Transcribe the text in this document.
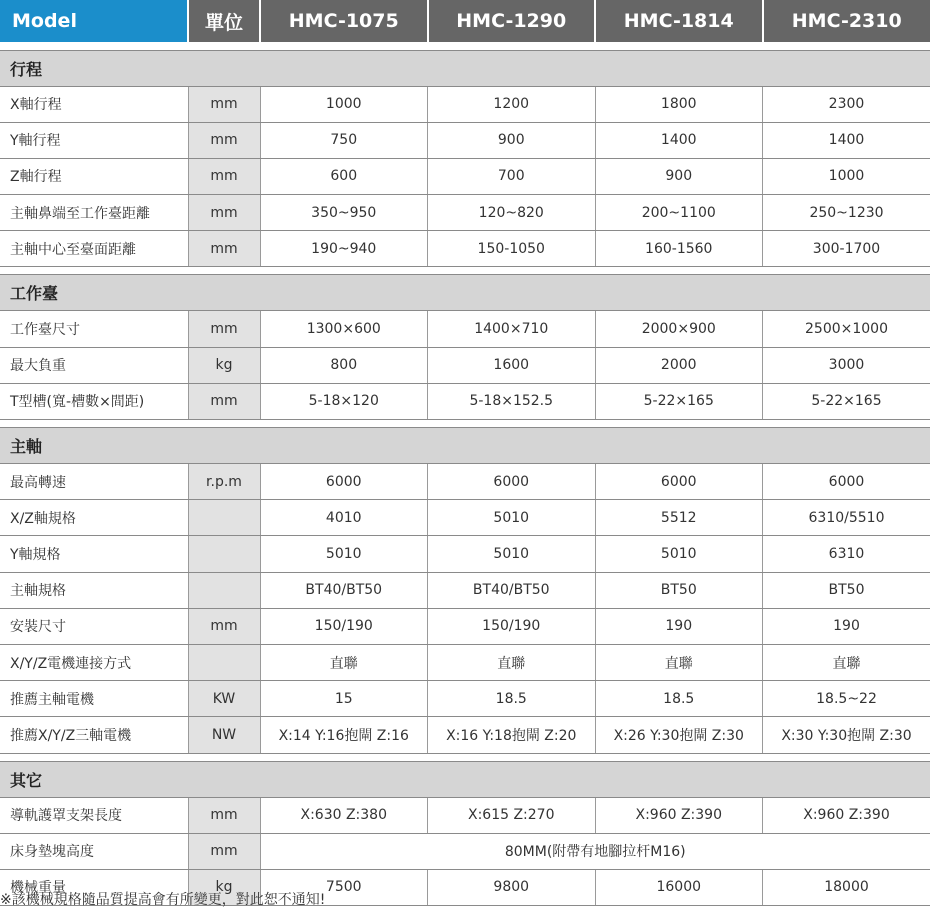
Model	單位	HMC-1075	HMC-1290	HMC-1814	HMC-2310

行程					
X軸行程	mm	1000	1200	1800	2300
Y軸行程	mm	750	900	1400	1400
Z軸行程	mm	600	700	900	1000
主軸鼻端至工作臺距離	mm	350~950	120~820	200~1100	250~1230
主軸中心至臺面距離	mm	190~940	150-1050	160-1560	300-1700

工作臺					
工作臺尺寸	mm	1300×600	1400×710	2000×900	2500×1000
最大負重	kg	800	1600	2000	3000
T型槽(寬-槽數×間距)	mm	5-18×120	5-18×152.5	5-22×165	5-22×165

主軸					
最高轉速	r.p.m	6000	6000	6000	6000
X/Z軸規格		4010	5010	5512	6310/5510
Y軸規格		5010	5010	5010	6310
主軸規格		BT40/BT50	BT40/BT50	BT50	BT50
安裝尺寸	mm	150/190	150/190	190	190
X/Y/Z電機連接方式		直聯	直聯	直聯	直聯
推薦主軸電機	KW	15	18.5	18.5	18.5~22
推薦X/Y/Z三軸電機	NW	X:14 Y:16抱閘 Z:16	X:16 Y:18抱閘 Z:20	X:26 Y:30抱閘 Z:30	X:30 Y:30抱閘 Z:30

其它					
導軌護罩支架長度	mm	X:630 Z:380	X:615 Z:270	X:960 Z:390	X:960 Z:390
床身墊塊高度	mm	80MM(附帶有地腳拉杆M16)			
機械重量	kg	7500	9800	16000	18000
※該機械規格隨品質提高會有所變更，對此恕不通知!
